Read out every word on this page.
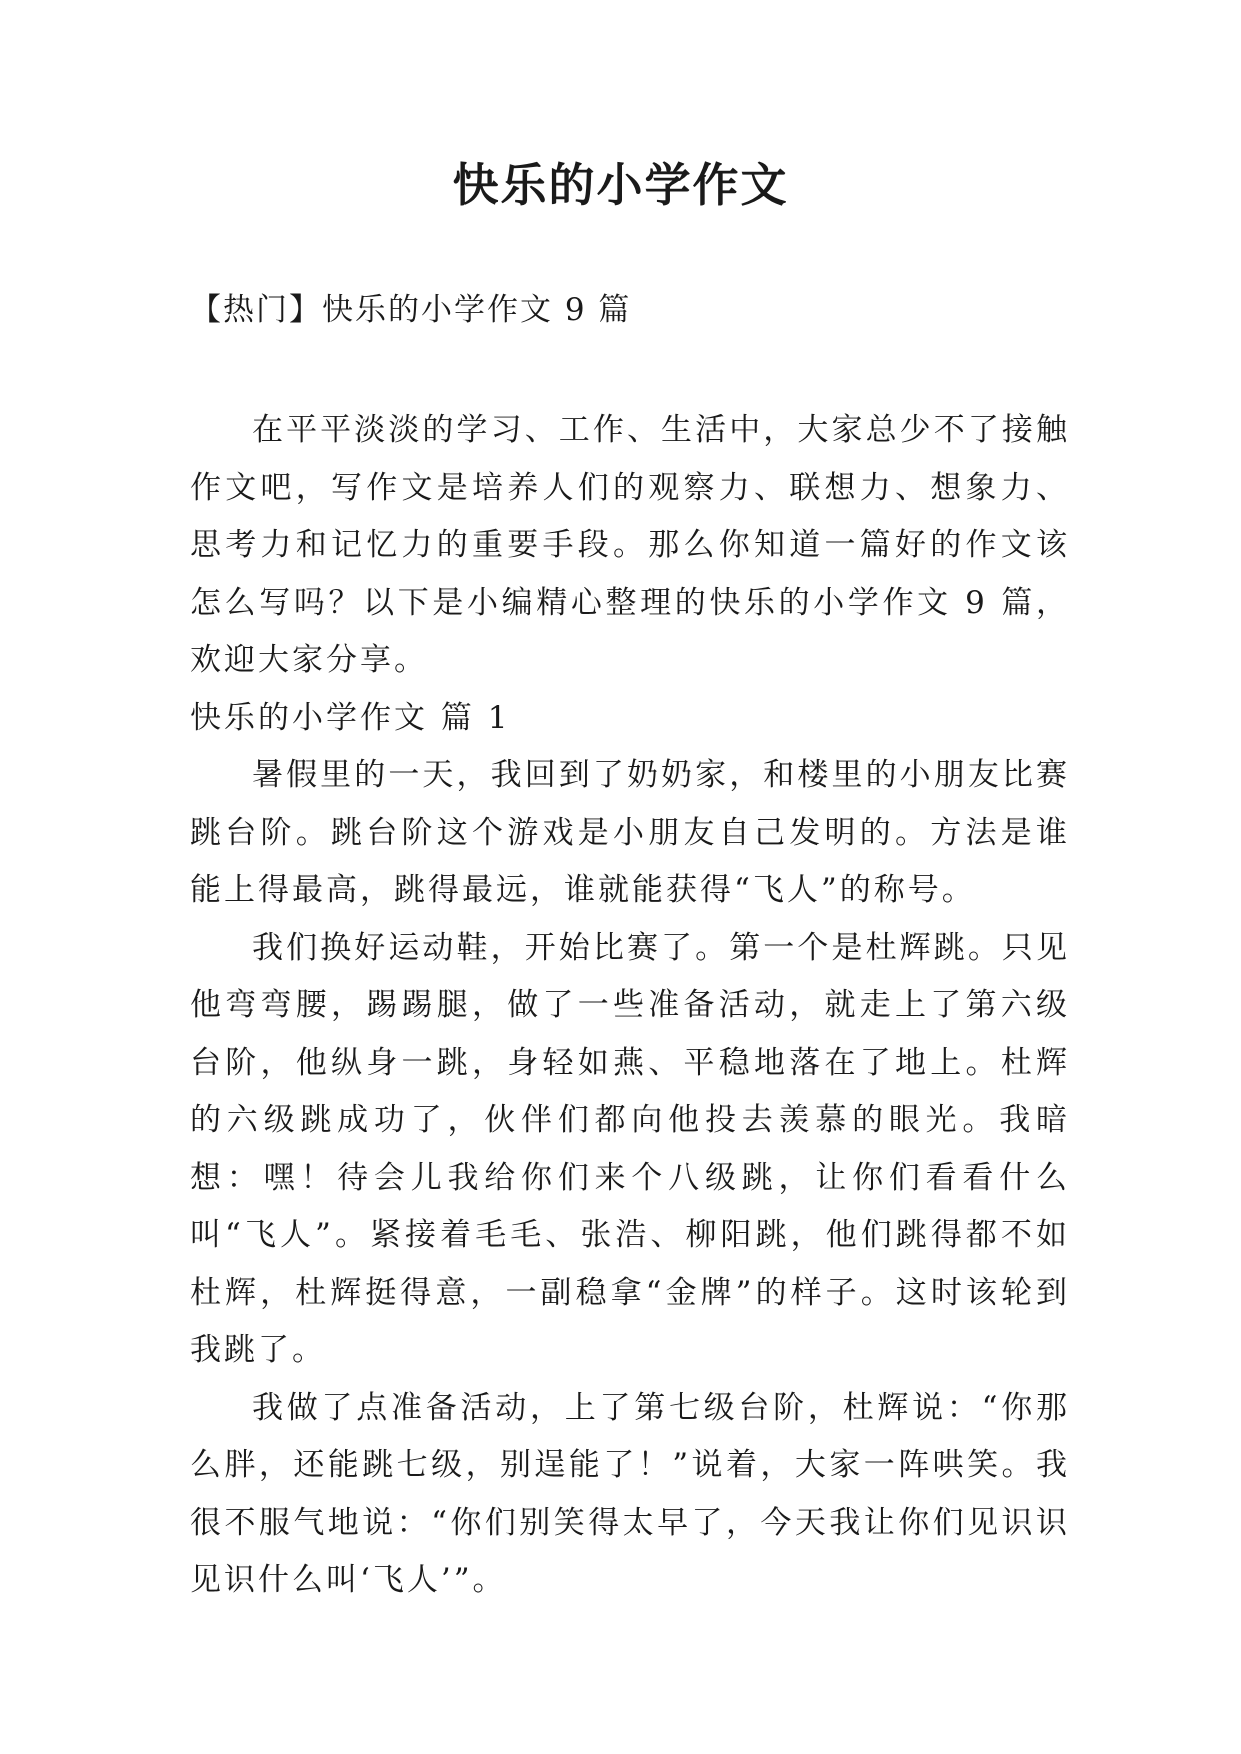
快乐的小学作文
【热门】快乐的小学作文 9 篇

在平平淡淡的学习、工作、生活中，大家总少不了接触作文吧，写作文是培养人们的观察力、联想力、想象力、思考力和记忆力的重要手段。那么你知道一篇好的作文该怎么写吗？以下是小编精心整理的快乐的小学作文 9 篇，欢迎大家分享。

快乐的小学作文 篇 1

暑假里的一天，我回到了奶奶家，和楼里的小朋友比赛跳台阶。跳台阶这个游戏是小朋友自己发明的。方法是谁能上得最高，跳得最远，谁就能获得“飞人”的称号。

我们换好运动鞋，开始比赛了。第一个是杜辉跳。只见他弯弯腰，踢踢腿，做了一些准备活动，就走上了第六级台阶，他纵身一跳，身轻如燕、平稳地落在了地上。杜辉的六级跳成功了，伙伴们都向他投去羡慕的眼光。我暗想：嘿！待会儿我给你们来个八级跳，让你们看看什么叫“飞人”。紧接着毛毛、张浩、柳阳跳，他们跳得都不如杜辉，杜辉挺得意，一副稳拿“金牌”的样子。这时该轮到我跳了。

我做了点准备活动，上了第七级台阶，杜辉说：“你那么胖，还能跳七级，别逞能了！”说着，大家一阵哄笑。我很不服气地说：“你们别笑得太早了，今天我让你们见识识见识什么叫‘飞人’”。
